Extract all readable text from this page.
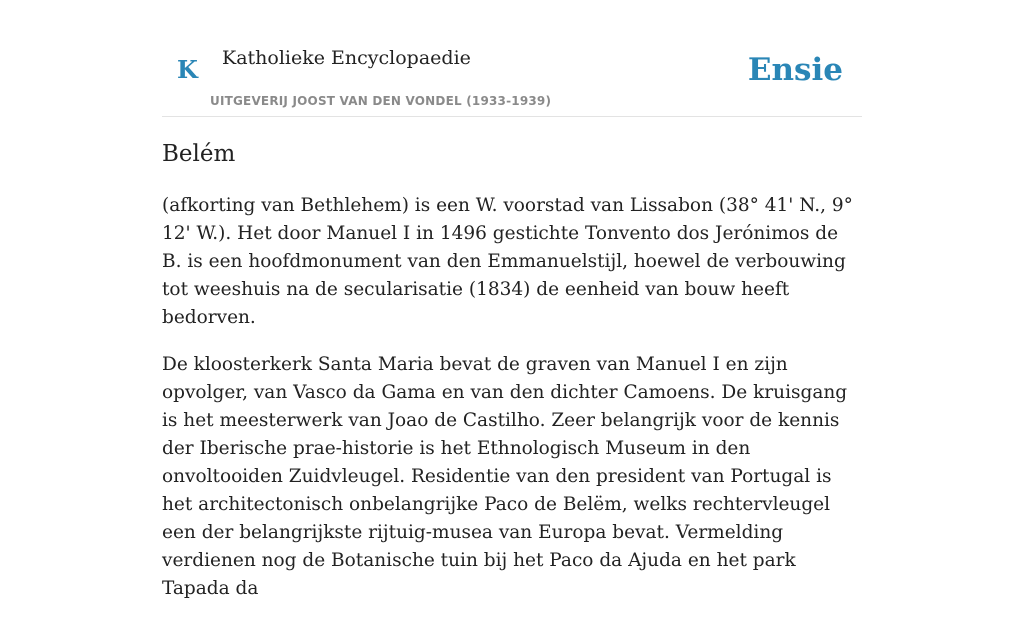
K Katholieke Encyclopaedie
UITGEVERIJ JOOST VAN DEN VONDEL (1933-1939)
Ensie
Belém

(afkorting van Bethlehem) is een W. voorstad van Lissabon (38° 41' N., 9° 12' W.). Het door Manuel I in 1496 gestichte Tonvento dos Jerónimos de B. is een hoofdmonument van den Emmanuelstijl, hoewel de verbouwing tot weeshuis na de secularisatie (1834) de eenheid van bouw heeft bedorven.

De kloosterkerk Santa Maria bevat de graven van Manuel I en zijn opvolger, van Vasco da Gama en van den dichter Camoens. De kruisgang is het meesterwerk van Joao de Castilho. Zeer belangrijk voor de kennis der Iberische prae-historie is het Ethnologisch Museum in den onvoltooiden Zuidvleugel. Residentie van den president van Portugal is het architectonisch onbelangrijke Paco de Belëm, welks rechtervleugel een der belangrijkste rijtuig-musea van Europa bevat. Vermelding verdienen nog de Botanische tuin bij het Paco da Ajuda en het park Tapada da
